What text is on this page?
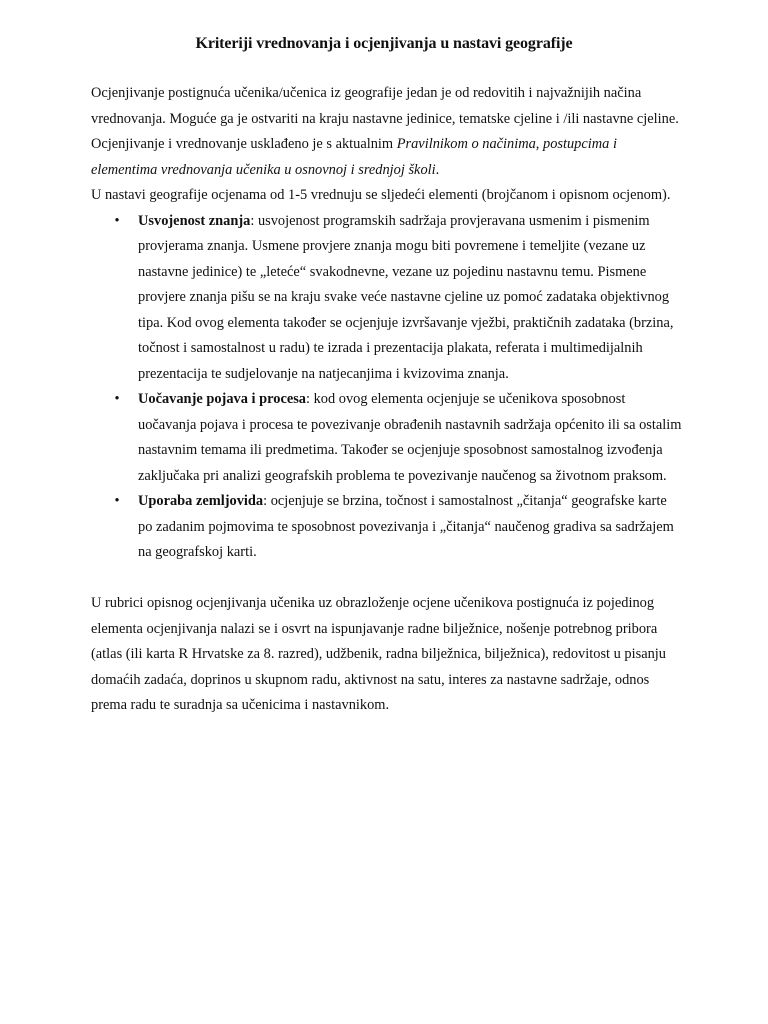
Kriteriji vrednovanja i ocjenjivanja u nastavi geografije

Ocjenjivanje postignuća učenika/učenica iz geografije jedan je od redovitih i najvažnijih načina vrednovanja. Moguće ga je ostvariti na kraju nastavne jedinice, tematske cjeline i /ili nastavne cjeline.

Ocjenjivanje i vrednovanje usklađeno je s aktualnim Pravilnikom o načinima, postupcima i elementima vrednovanja učenika u osnovnoj i srednjoj školi.

U nastavi geografije ocjenama od 1-5 vrednuju se sljedeći elementi (brojčanom i opisnom ocjenom).

• Usvojenost znanja: usvojenost programskih sadržaja provjeravana usmenim i pismenim provjerama znanja. Usmene provjere znanja mogu biti povremene i temeljite (vezane uz nastavne jedinice) te „leteće“ svakodnevne, vezane uz pojedinu nastavnu temu. Pismene provjere znanja pišu se na kraju svake veće nastavne cjeline uz pomoć zadataka objektivnog tipa. Kod ovog elementa također se ocjenjuje izvršavanje vježbi, praktičnih zadataka (brzina, točnost i samostalnost u radu) te izrada i prezentacija plakata, referata i multimedijalnih prezentacija te sudjelovanje na natjecanjima i kvizovima znanja.
• Uočavanje pojava i procesa: kod ovog elementa ocjenjuje se učenikova sposobnost uočavanja pojava i procesa te povezivanje obrađenih nastavnih sadržaja općenito ili sa ostalim nastavnim temama ili predmetima. Također se ocjenjuje sposobnost samostalnog izvođenja zaključaka pri analizi geografskih problema te povezivanje naučenog sa životnom praksom.
• Uporaba zemljovida: ocjenjuje se brzina, točnost i samostalnost „čitanja“ geografske karte po zadanim pojmovima te sposobnost povezivanja i „čitanja“ naučenog gradiva sa sadržajem na geografskoj karti.

U rubrici opisnog ocjenjivanja učenika uz obrazloženje ocjene učenikova postignuća iz pojedinog elementa ocjenjivanja nalazi se i osvrt na ispunjavanje radne bilježnice, nošenje potrebnog pribora (atlas (ili karta R Hrvatske za 8. razred), udžbenik, radna bilježnica, bilježnica), redovitost u pisanju domaćih zadaća, doprinos u skupnom radu, aktivnost na satu, interes za nastavne sadržaje, odnos prema radu te suradnja sa učenicima i nastavnikom.
